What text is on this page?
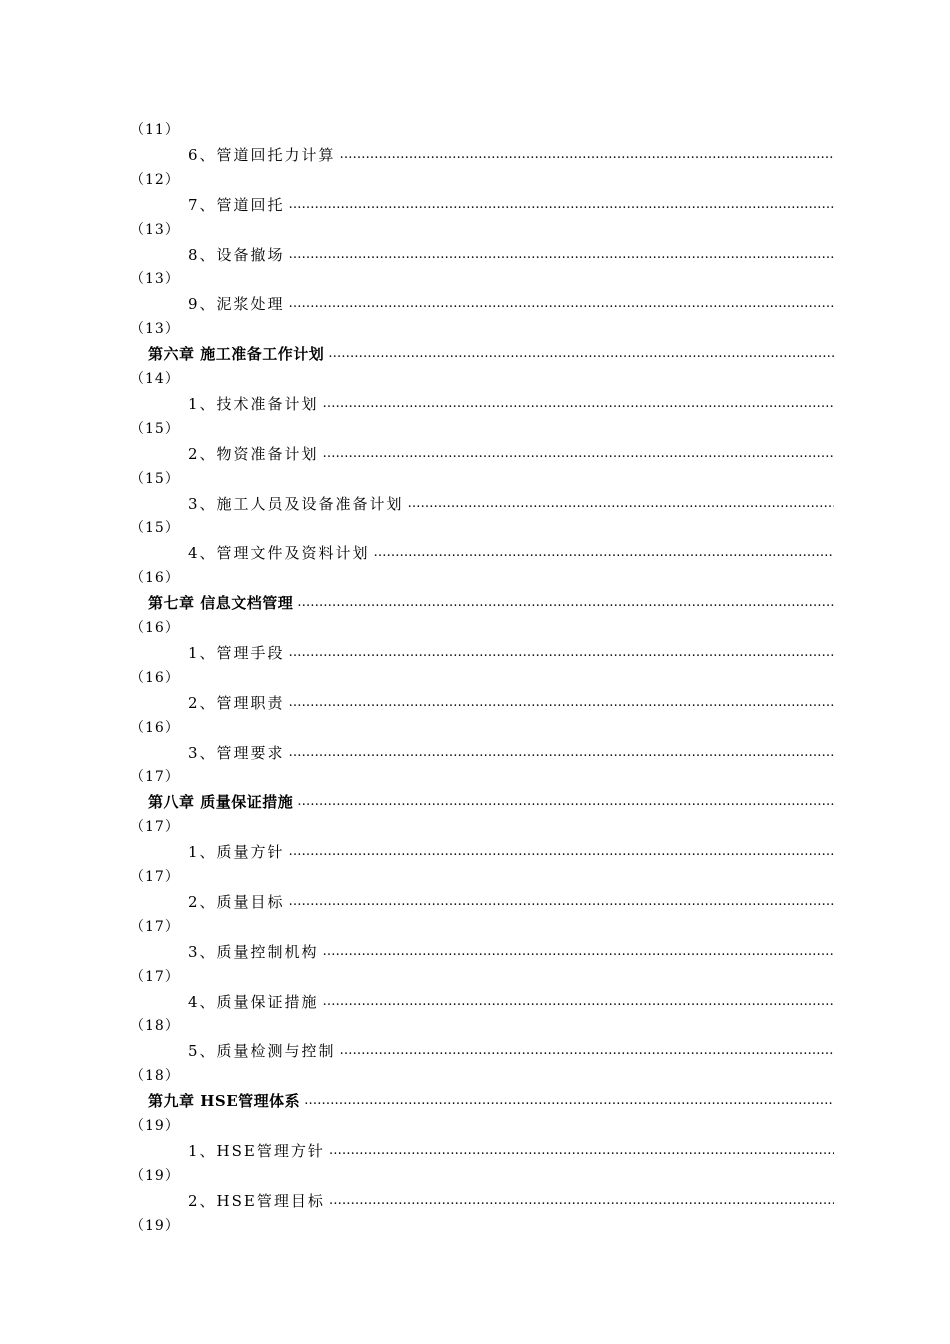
（11）
6、管道回托力计算
…………………………………………………………………………………………………………………………………………………………………………………………
（12）
7、管道回托
…………………………………………………………………………………………………………………………………………………………………………………………
（13）
8、设备撤场
…………………………………………………………………………………………………………………………………………………………………………………………
（13）
9、泥浆处理
…………………………………………………………………………………………………………………………………………………………………………………………
（13）
第六章 施工准备工作计划
…………………………………………………………………………………………………………………………………………………………………………………………
（14）
1、技术准备计划
…………………………………………………………………………………………………………………………………………………………………………………………
（15）
2、物资准备计划
…………………………………………………………………………………………………………………………………………………………………………………………
（15）
3、施工人员及设备准备计划
…………………………………………………………………………………………………………………………………………………………………………………………
（15）
4、管理文件及资料计划
…………………………………………………………………………………………………………………………………………………………………………………………
（16）
第七章 信息文档管理
…………………………………………………………………………………………………………………………………………………………………………………………
（16）
1、管理手段
…………………………………………………………………………………………………………………………………………………………………………………………
（16）
2、管理职责
…………………………………………………………………………………………………………………………………………………………………………………………
（16）
3、管理要求
…………………………………………………………………………………………………………………………………………………………………………………………
（17）
第八章 质量保证措施
…………………………………………………………………………………………………………………………………………………………………………………………
（17）
1、质量方针
…………………………………………………………………………………………………………………………………………………………………………………………
（17）
2、质量目标
…………………………………………………………………………………………………………………………………………………………………………………………
（17）
3、质量控制机构
…………………………………………………………………………………………………………………………………………………………………………………………
（17）
4、质量保证措施
…………………………………………………………………………………………………………………………………………………………………………………………
（18）
5、质量检测与控制
…………………………………………………………………………………………………………………………………………………………………………………………
（18）
第九章 HSE管理体系
…………………………………………………………………………………………………………………………………………………………………………………………
（19）
1、HSE管理方针
…………………………………………………………………………………………………………………………………………………………………………………………
（19）
2、HSE管理目标
…………………………………………………………………………………………………………………………………………………………………………………………
（19）
